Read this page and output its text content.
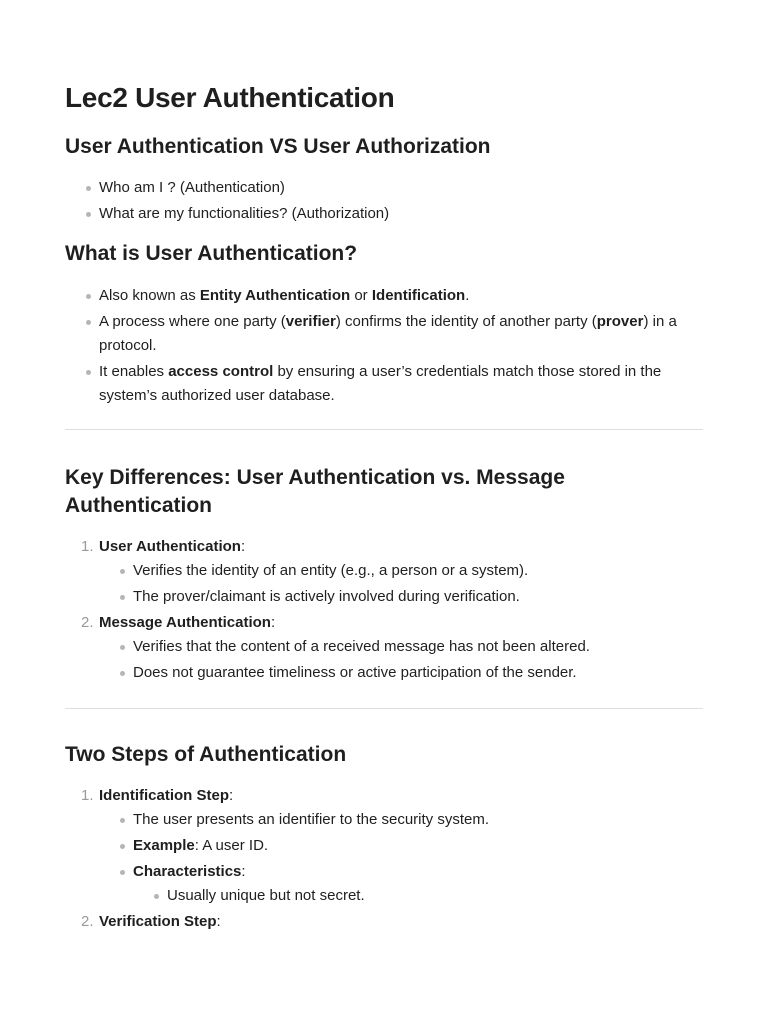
Lec2 User Authentication
User Authentication VS User Authorization
Who am I ? (Authentication)
What are my functionalities? (Authorization)
What is User Authentication?
Also known as Entity Authentication or Identification.
A process where one party (verifier) confirms the identity of another party (prover) in a protocol.
It enables access control by ensuring a user’s credentials match those stored in the system’s authorized user database.
Key Differences: User Authentication vs. Message Authentication
1. User Authentication:
Verifies the identity of an entity (e.g., a person or a system).
The prover/claimant is actively involved during verification.
2. Message Authentication:
Verifies that the content of a received message has not been altered.
Does not guarantee timeliness or active participation of the sender.
Two Steps of Authentication
1. Identification Step:
The user presents an identifier to the security system.
Example: A user ID.
Characteristics:
Usually unique but not secret.
2. Verification Step:
